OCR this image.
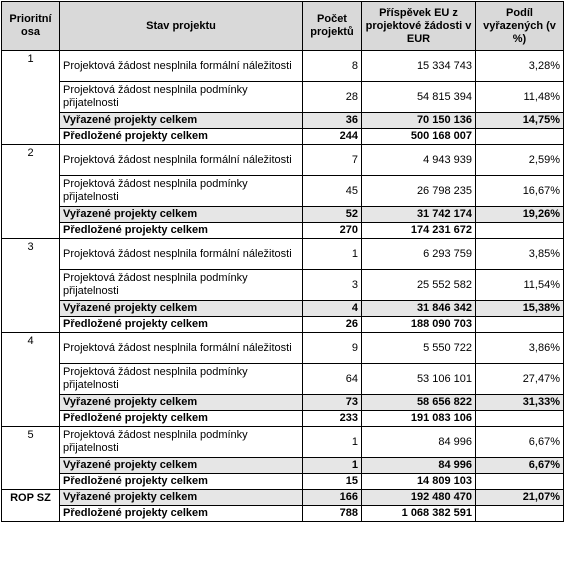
Prioritní osa	Stav projektu	Počet projektů	Příspěvek EU z projektové žádosti v EUR	Podíl vyřazených (v %)
1	Projektová žádost nesplnila formální náležitosti	8	15 334 743	3,28%
	Projektová žádost nesplnila podmínky přijatelnosti	28	54 815 394	11,48%
	Vyřazené projekty celkem	36	70 150 136	14,75%
	Předložené projekty celkem	244	500 168 007	
2	Projektová žádost nesplnila formální náležitosti	7	4 943 939	2,59%
	Projektová žádost nesplnila podmínky přijatelnosti	45	26 798 235	16,67%
	Vyřazené projekty celkem	52	31 742 174	19,26%
	Předložené projekty celkem	270	174 231 672	
3	Projektová žádost nesplnila formální náležitosti	1	6 293 759	3,85%
	Projektová žádost nesplnila podmínky přijatelnosti	3	25 552 582	11,54%
	Vyřazené projekty celkem	4	31 846 342	15,38%
	Předložené projekty celkem	26	188 090 703	
4	Projektová žádost nesplnila formální náležitosti	9	5 550 722	3,86%
	Projektová žádost nesplnila podmínky přijatelnosti	64	53 106 101	27,47%
	Vyřazené projekty celkem	73	58 656 822	31,33%
	Předložené projekty celkem	233	191 083 106	
5	Projektová žádost nesplnila podmínky přijatelnosti	1	84 996	6,67%
	Vyřazené projekty celkem	1	84 996	6,67%
	Předložené projekty celkem	15	14 809 103	
ROP SZ	Vyřazené projekty celkem	166	192 480 470	21,07%
	Předložené projekty celkem	788	1 068 382 591	
